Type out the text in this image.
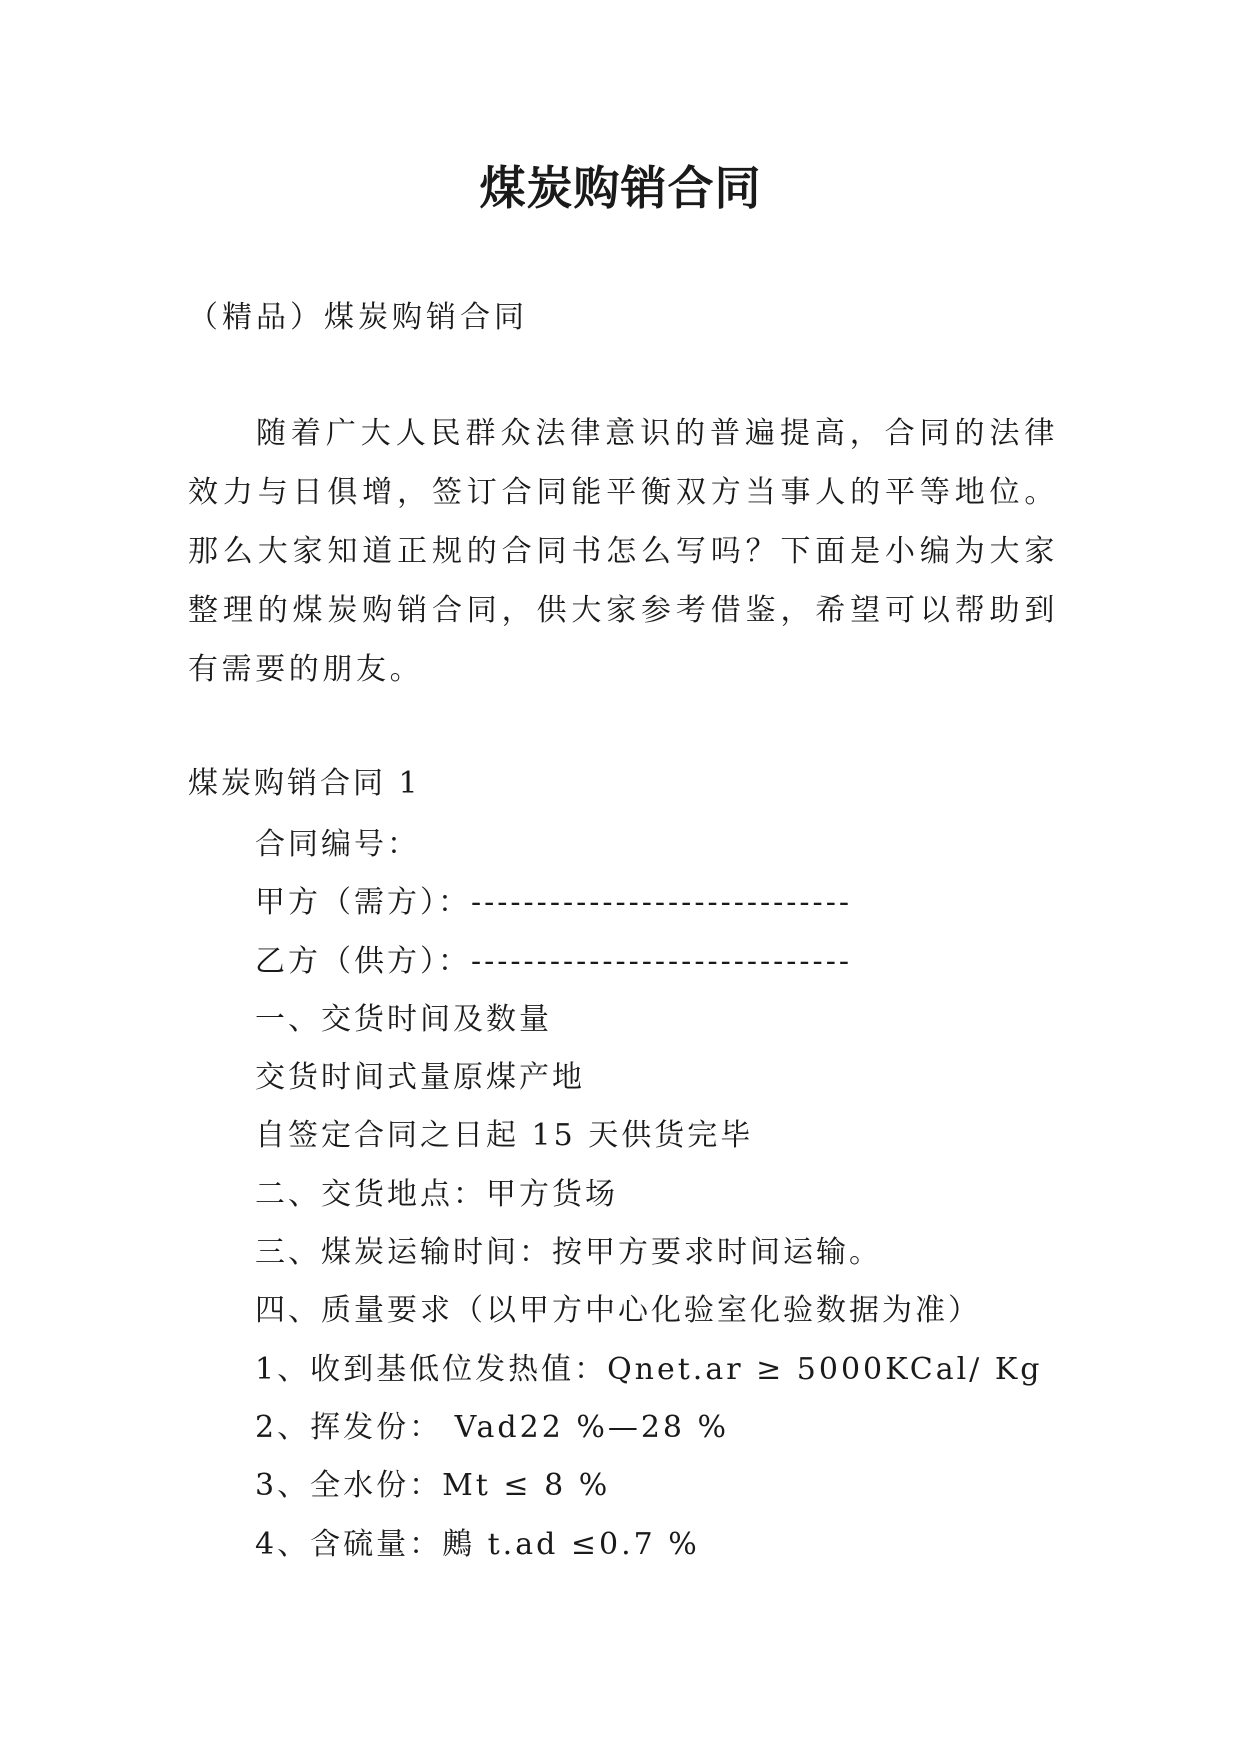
煤炭购销合同

（精品）煤炭购销合同

随着广大人民群众法律意识的普遍提高，合同的法律效力与日俱增，签订合同能平衡双方当事人的平等地位。那么大家知道正规的合同书怎么写吗？下面是小编为大家整理的煤炭购销合同，供大家参考借鉴，希望可以帮助到有需要的朋友。

煤炭购销合同 1

合同编号：
甲方（需方）：-----------------------------
乙方（供方）：-----------------------------
一、交货时间及数量
交货时间式量原煤产地
自签定合同之日起 15 天供货完毕
二、交货地点：甲方货场
三、煤炭运输时间：按甲方要求时间运输。
四、质量要求（以甲方中心化验室化验数据为准）
1、收到基低位发热值：Qnet.ar ≥ 5000KCal/ Kg
2、挥发份： Vad22 %—28 %
3、全水份：Mt ≤ 8 %
4、含硫量：鶊 t.ad ≤0.7 %
